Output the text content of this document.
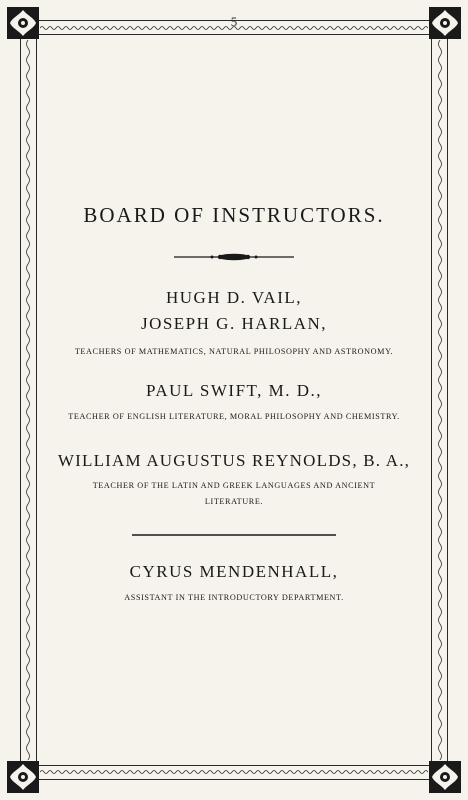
5
BOARD OF INSTRUCTORS.
HUGH D. VAIL,
JOSEPH G. HARLAN,
TEACHERS OF MATHEMATICS, NATURAL PHILOSOPHY AND ASTRONOMY.
PAUL SWIFT, M. D.,
TEACHER OF ENGLISH LITERATURE, MORAL PHILOSOPHY AND CHEMISTRY.
WILLIAM AUGUSTUS REYNOLDS, B. A.,
TEACHER OF THE LATIN AND GREEK LANGUAGES AND ANCIENT LITERATURE.
CYRUS MENDENHALL,
ASSISTANT IN THE INTRODUCTORY DEPARTMENT.
